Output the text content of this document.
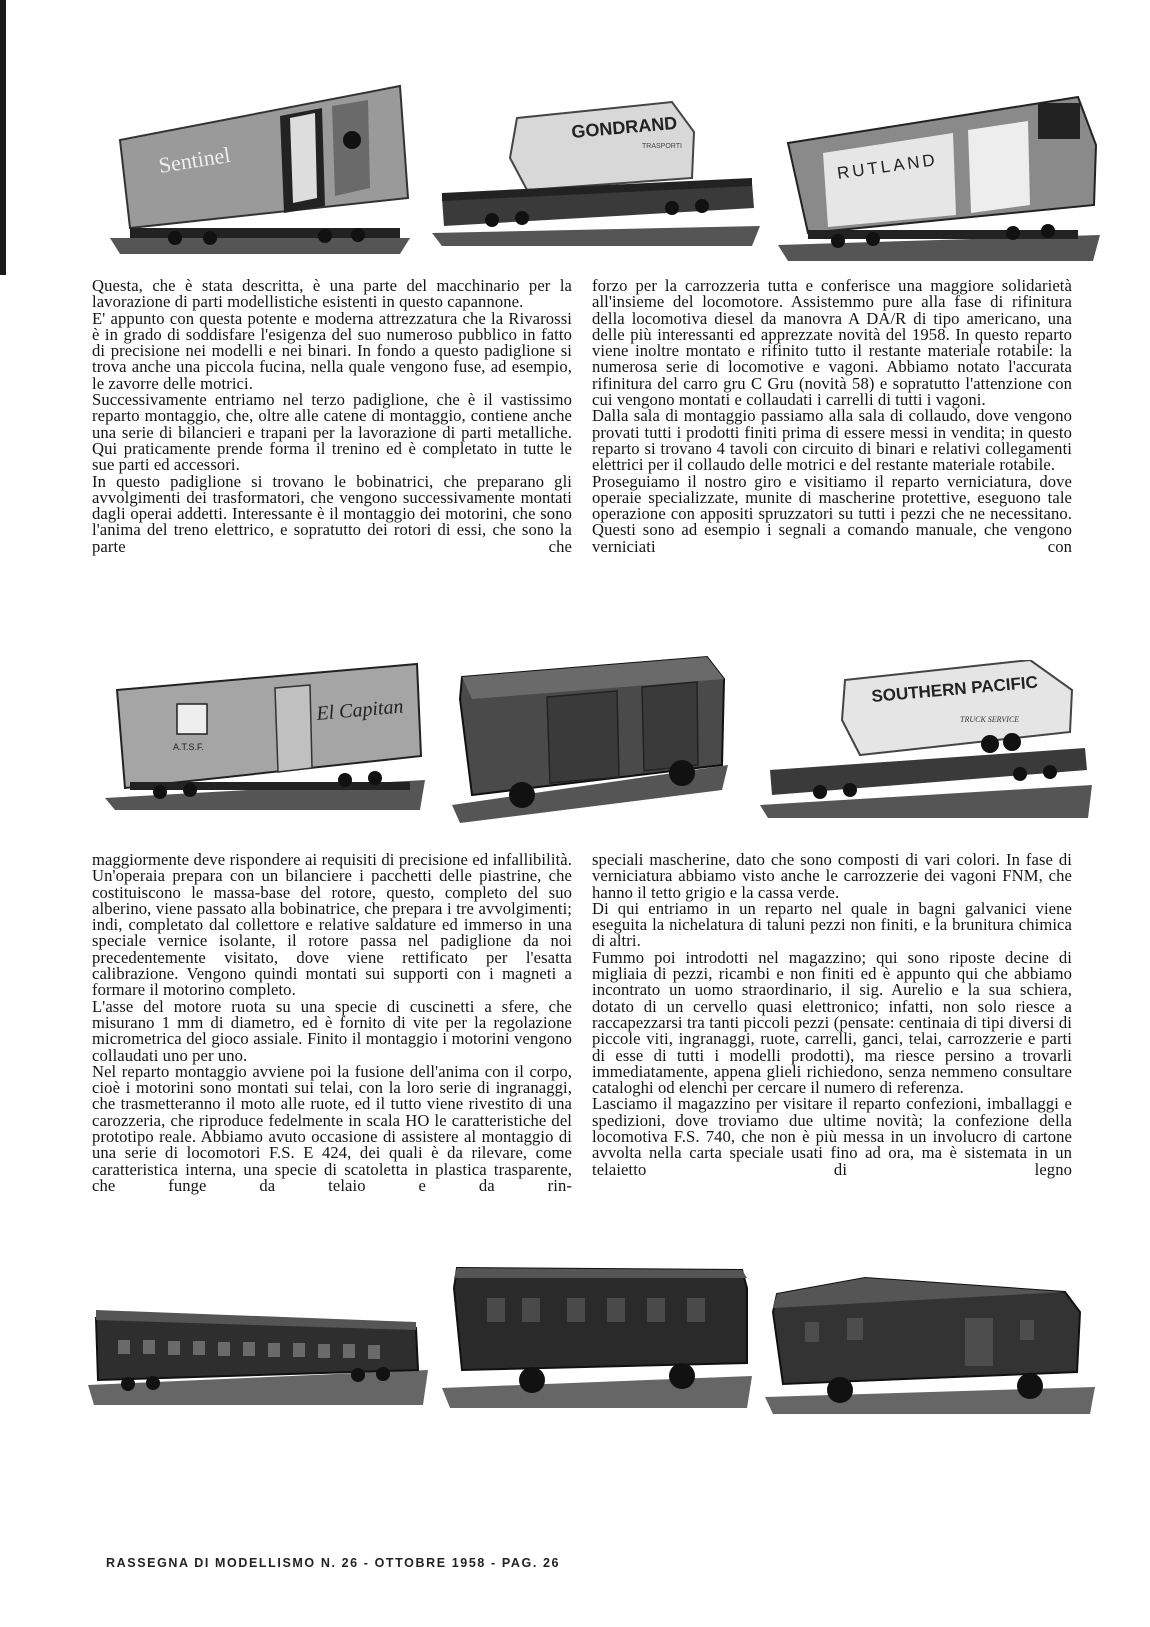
Sentinel
GONDRAND
TRASPORTI
RUTLAND

Questa, che è stata descritta, è una parte del macchinario per la lavorazione di parti modellistiche esistenti in questo capannone.

E' appunto con questa potente e moderna attrezzatura che la Rivarossi è in grado di soddisfare l'esigenza del suo numeroso pubblico in fatto di precisione nei modelli e nei binari. In fondo a questo padiglione si trova anche una piccola fucina, nella quale vengono fuse, ad esempio, le zavorre delle motrici.

Successivamente entriamo nel terzo padiglione, che è il vastissimo reparto montaggio, che, oltre alle catene di montaggio, contiene anche una serie di bilancieri e trapani per la lavorazione di parti metalliche. Qui praticamente prende forma il trenino ed è completato in tutte le sue parti ed accessori.

In questo padiglione si trovano le bobinatrici, che preparano gli avvolgimenti dei trasformatori, che vengono successivamente montati dagli operai addetti. Interessante è il montaggio dei motorini, che sono l'anima del treno elettrico, e sopratutto dei rotori di essi, che sono la parte che

forzo per la carrozzeria tutta e conferisce una maggiore solidarietà all'insieme del locomotore. Assistemmo pure alla fase di rifinitura della locomotiva diesel da manovra A DA/R di tipo americano, una delle più interessanti ed apprezzate novità del 1958. In questo reparto viene inoltre montato e rifinito tutto il restante materiale rotabile: la numerosa serie di locomotive e vagoni. Abbiamo notato l'accurata rifinitura del carro gru C Gru (novità 58) e sopratutto l'attenzione con cui vengono montati e collaudati i carrelli di tutti i vagoni.

Dalla sala di montaggio passiamo alla sala di collaudo, dove vengono provati tutti i prodotti finiti prima di essere messi in vendita; in questo reparto si trovano 4 tavoli con circuito di binari e relativi collegamenti elettrici per il collaudo delle motrici e del restante materiale rotabile.

Proseguiamo il nostro giro e visitiamo il reparto verniciatura, dove operaie specializzate, munite di mascherine protettive, eseguono tale operazione con appositi spruzzatori su tutti i pezzi che ne necessitano. Questi sono ad esempio i segnali a comando manuale, che vengono verniciati con

El Capitan
A.T.S.F.
SOUTHERN PACIFIC
TRUCK SERVICE

maggiormente deve rispondere ai requisiti di precisione ed infallibilità. Un'operaia prepara con un bilanciere i pacchetti delle piastrine, che costituiscono le massa-base del rotore, questo, completo del suo alberino, viene passato alla bobinatrice, che prepara i tre avvolgimenti; indi, completato dal collettore e relative saldature ed immerso in una speciale vernice isolante, il rotore passa nel padiglione da noi precedentemente visitato, dove viene rettificato per l'esatta calibrazione. Vengono quindi montati sui supporti con i magneti a formare il motorino completo.

L'asse del motore ruota su una specie di cuscinetti a sfere, che misurano 1 mm di diametro, ed è fornito di vite per la regolazione micrometrica del gioco assiale. Finito il montaggio i motorini vengono collaudati uno per uno.

Nel reparto montaggio avviene poi la fusione dell'anima con il corpo, cioè i motorini sono montati sui telai, con la loro serie di ingranaggi, che trasmetteranno il moto alle ruote, ed il tutto viene rivestito di una carozzeria, che riproduce fedelmente in scala HO le caratteristiche del prototipo reale. Abbiamo avuto occasione di assistere al montaggio di una serie di locomotori F.S. E 424, dei quali è da rilevare, come caratteristica interna, una specie di scatoletta in plastica trasparente, che funge da telaio e da rin-

speciali mascherine, dato che sono composti di vari colori. In fase di verniciatura abbiamo visto anche le carrozzerie dei vagoni FNM, che hanno il tetto grigio e la cassa verde.

Di qui entriamo in un reparto nel quale in bagni galvanici viene eseguita la nichelatura di taluni pezzi non finiti, e la brunitura chimica di altri.

Fummo poi introdotti nel magazzino; qui sono riposte decine di migliaia di pezzi, ricambi e non finiti ed è appunto qui che abbiamo incontrato un uomo straordinario, il sig. Aurelio e la sua schiera, dotato di un cervello quasi elettronico; infatti, non solo riesce a raccapezzarsi tra tanti piccoli pezzi (pensate: centinaia di tipi diversi di piccole viti, ingranaggi, ruote, carrelli, ganci, telai, carrozzerie e parti di esse di tutti i modelli prodotti), ma riesce persino a trovarli immediatamente, appena glieli richiedono, senza nemmeno consultare cataloghi od elenchi per cercare il numero di referenza.

Lasciamo il magazzino per visitare il reparto confezioni, imballaggi e spedizioni, dove troviamo due ultime novità; la confezione della locomotiva F.S. 740, che non è più messa in un involucro di cartone avvolta nella carta speciale usati fino ad ora, ma è sistemata in un telaietto di legno

RASSEGNA DI MODELLISMO N. 26 - OTTOBRE 1958 - PAG. 26
